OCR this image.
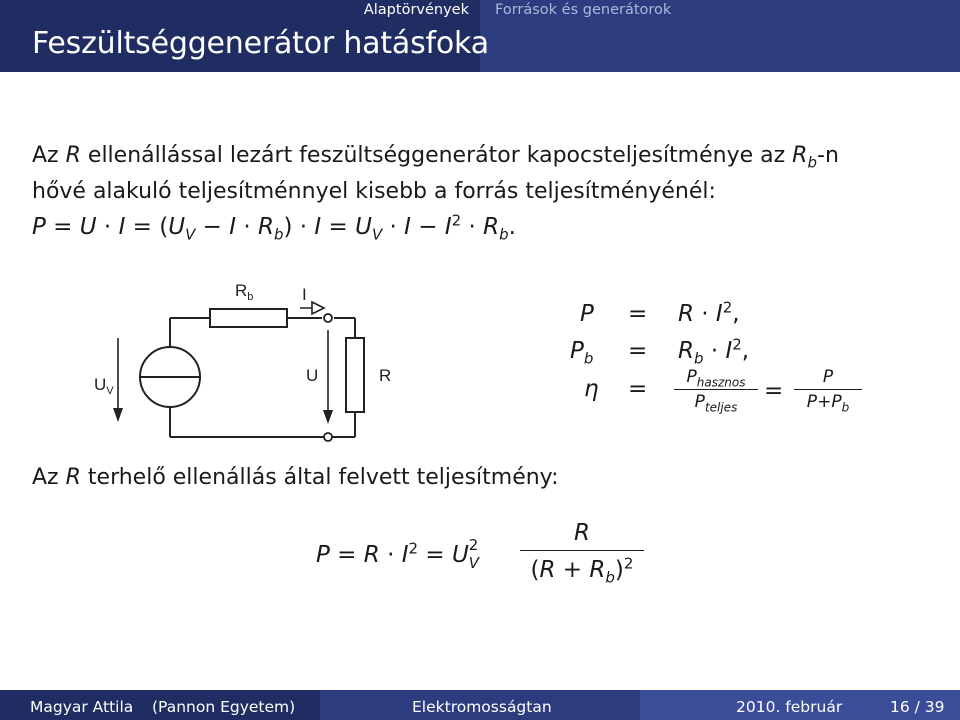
Alaptörvények Források és generátorok
Feszültséggenerátor hatásfoka
Az R ellenállással lezárt feszültséggenerátor kapocsteljesítménye az $R_b-n$
hővé alakuló teljesítménnyel kisebb a forrás teljesítményénél:
$P = U \cdot I = (U_V - I \cdot R_b) \cdot I = U_V \cdot I - I^2 \cdot R_b$.
$R_b$	I
U	R
$U_V$
$P = R \cdot I^2$,
$P_b = R_b \cdot I^2$,
η =	$P_{hasznos}$
$P_{teljes}$
=
P
$P+P_b$
Az R terhelő ellenállás által felvett teljesítmény:
$P = R \cdot I^2 = U$ V
2	R
$(R + R_b)^2$
Magyar Attila (Pannon Egyetem)	Elektromosságtan	2010. február	16 / 39
